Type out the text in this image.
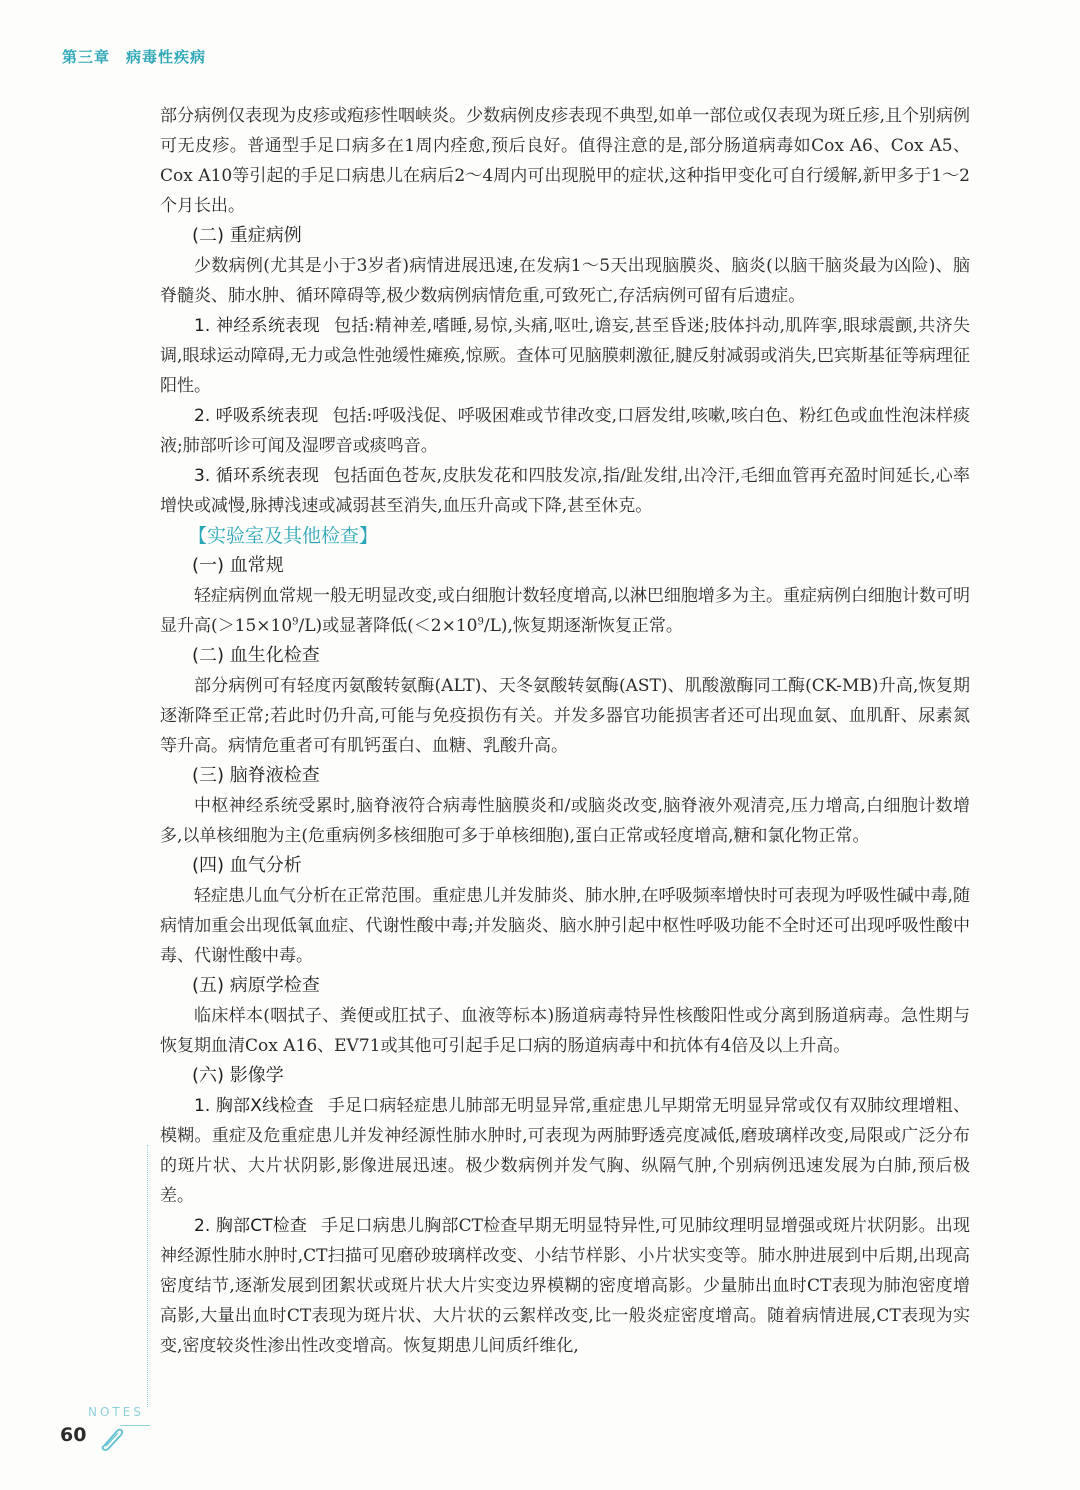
第三章　病毒性疾病

部分病例仅表现为皮疹或疱疹性咽峡炎。少数病例皮疹表现不典型,如单一部位或仅表现为斑丘疹,且个别病例可无皮疹。普通型手足口病多在1周内痊愈,预后良好。值得注意的是,部分肠道病毒如Cox A6、Cox A5、Cox A10等引起的手足口病患儿在病后2～4周内可出现脱甲的症状,这种指甲变化可自行缓解,新甲多于1～2个月长出。

(二) 重症病例

少数病例(尤其是小于3岁者)病情进展迅速,在发病1～5天出现脑膜炎、脑炎(以脑干脑炎最为凶险)、脑脊髓炎、肺水肿、循环障碍等,极少数病例病情危重,可致死亡,存活病例可留有后遗症。

1. 神经系统表现 包括:精神差,嗜睡,易惊,头痛,呕吐,谵妄,甚至昏迷;肢体抖动,肌阵挛,眼球震颤,共济失调,眼球运动障碍,无力或急性弛缓性瘫痪,惊厥。查体可见脑膜刺激征,腱反射减弱或消失,巴宾斯基征等病理征阳性。

2. 呼吸系统表现 包括:呼吸浅促、呼吸困难或节律改变,口唇发绀,咳嗽,咳白色、粉红色或血性泡沫样痰液;肺部听诊可闻及湿啰音或痰鸣音。

3. 循环系统表现 包括面色苍灰,皮肤发花和四肢发凉,指/趾发绀,出冷汗,毛细血管再充盈时间延长,心率增快或减慢,脉搏浅速或减弱甚至消失,血压升高或下降,甚至休克。

【实验室及其他检查】

(一) 血常规

轻症病例血常规一般无明显改变,或白细胞计数轻度增高,以淋巴细胞增多为主。重症病例白细胞计数可明显升高$(>15\times 10^9/L)$或显著降低$(<2\times 10^9/L)$,恢复期逐渐恢复正常。

(二) 血生化检查

部分病例可有轻度丙氨酸转氨酶(ALT)、天冬氨酸转氨酶(AST)、肌酸激酶同工酶(CK-MB)升高,恢复期逐渐降至正常;若此时仍升高,可能与免疫损伤有关。并发多器官功能损害者还可出现血氨、血肌酐、尿素氮等升高。病情危重者可有肌钙蛋白、血糖、乳酸升高。

(三) 脑脊液检查

中枢神经系统受累时,脑脊液符合病毒性脑膜炎和/或脑炎改变,脑脊液外观清亮,压力增高,白细胞计数增多,以单核细胞为主(危重病例多核细胞可多于单核细胞),蛋白正常或轻度增高,糖和氯化物正常。

(四) 血气分析

轻症患儿血气分析在正常范围。重症患儿并发肺炎、肺水肿,在呼吸频率增快时可表现为呼吸性碱中毒,随病情加重会出现低氧血症、代谢性酸中毒;并发脑炎、脑水肿引起中枢性呼吸功能不全时还可出现呼吸性酸中毒、代谢性酸中毒。

(五) 病原学检查

临床样本(咽拭子、粪便或肛拭子、血液等标本)肠道病毒特异性核酸阳性或分离到肠道病毒。急性期与恢复期血清Cox A16、EV71或其他可引起手足口病的肠道病毒中和抗体有4倍及以上升高。

(六) 影像学

1. 胸部X线检查 手足口病轻症患儿肺部无明显异常,重症患儿早期常无明显异常或仅有双肺纹理增粗、模糊。重症及危重症患儿并发神经源性肺水肿时,可表现为两肺野透亮度减低,磨玻璃样改变,局限或广泛分布的斑片状、大片状阴影,影像进展迅速。极少数病例并发气胸、纵隔气肿,个别病例迅速发展为白肺,预后极差。

2. 胸部CT检查 手足口病患儿胸部CT检查早期无明显特异性,可见肺纹理明显增强或斑片状阴影。出现神经源性肺水肿时,CT扫描可见磨砂玻璃样改变、小结节样影、小片状实变等。肺水肿进展到中后期,出现高密度结节,逐渐发展到团絮状或斑片状大片实变边界模糊的密度增高影。少量肺出血时CT表现为肺泡密度增高影,大量出血时CT表现为斑片状、大片状的云絮样改变,比一般炎症密度增高。随着病情进展,CT表现为实变,密度较炎性渗出性改变增高。恢复期患儿间质纤维化,

NOTES
60
